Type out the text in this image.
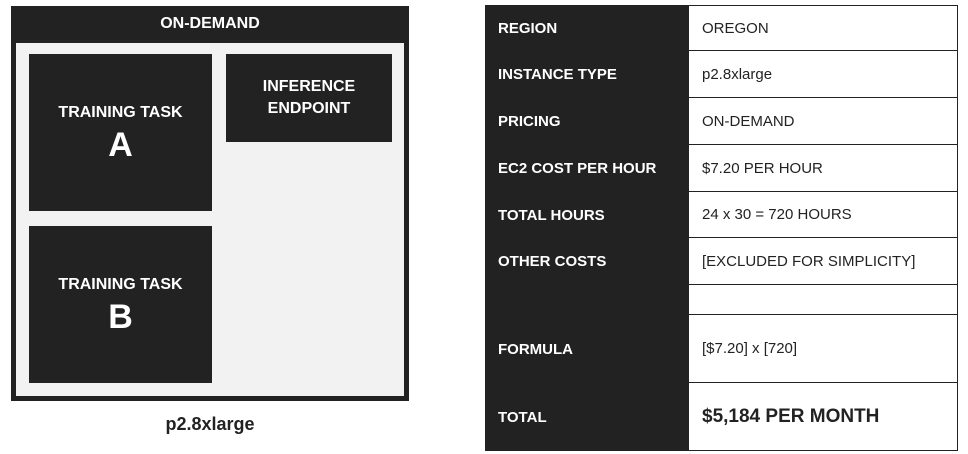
ON-DEMAND
TRAINING TASK
A
TRAINING TASK
B
INFERENCE
ENDPOINT
p2.8xlarge
REGION	OREGON
INSTANCE TYPE	p2.8xlarge
PRICING	ON-DEMAND
EC2 COST PER HOUR	$7.20 PER HOUR
TOTAL HOURS	24 x 30 = 720 HOURS
OTHER COSTS	[EXCLUDED FOR SIMPLICITY]
FORMULA	[$7.20] x [720]
TOTAL	$5,184 PER MONTH
